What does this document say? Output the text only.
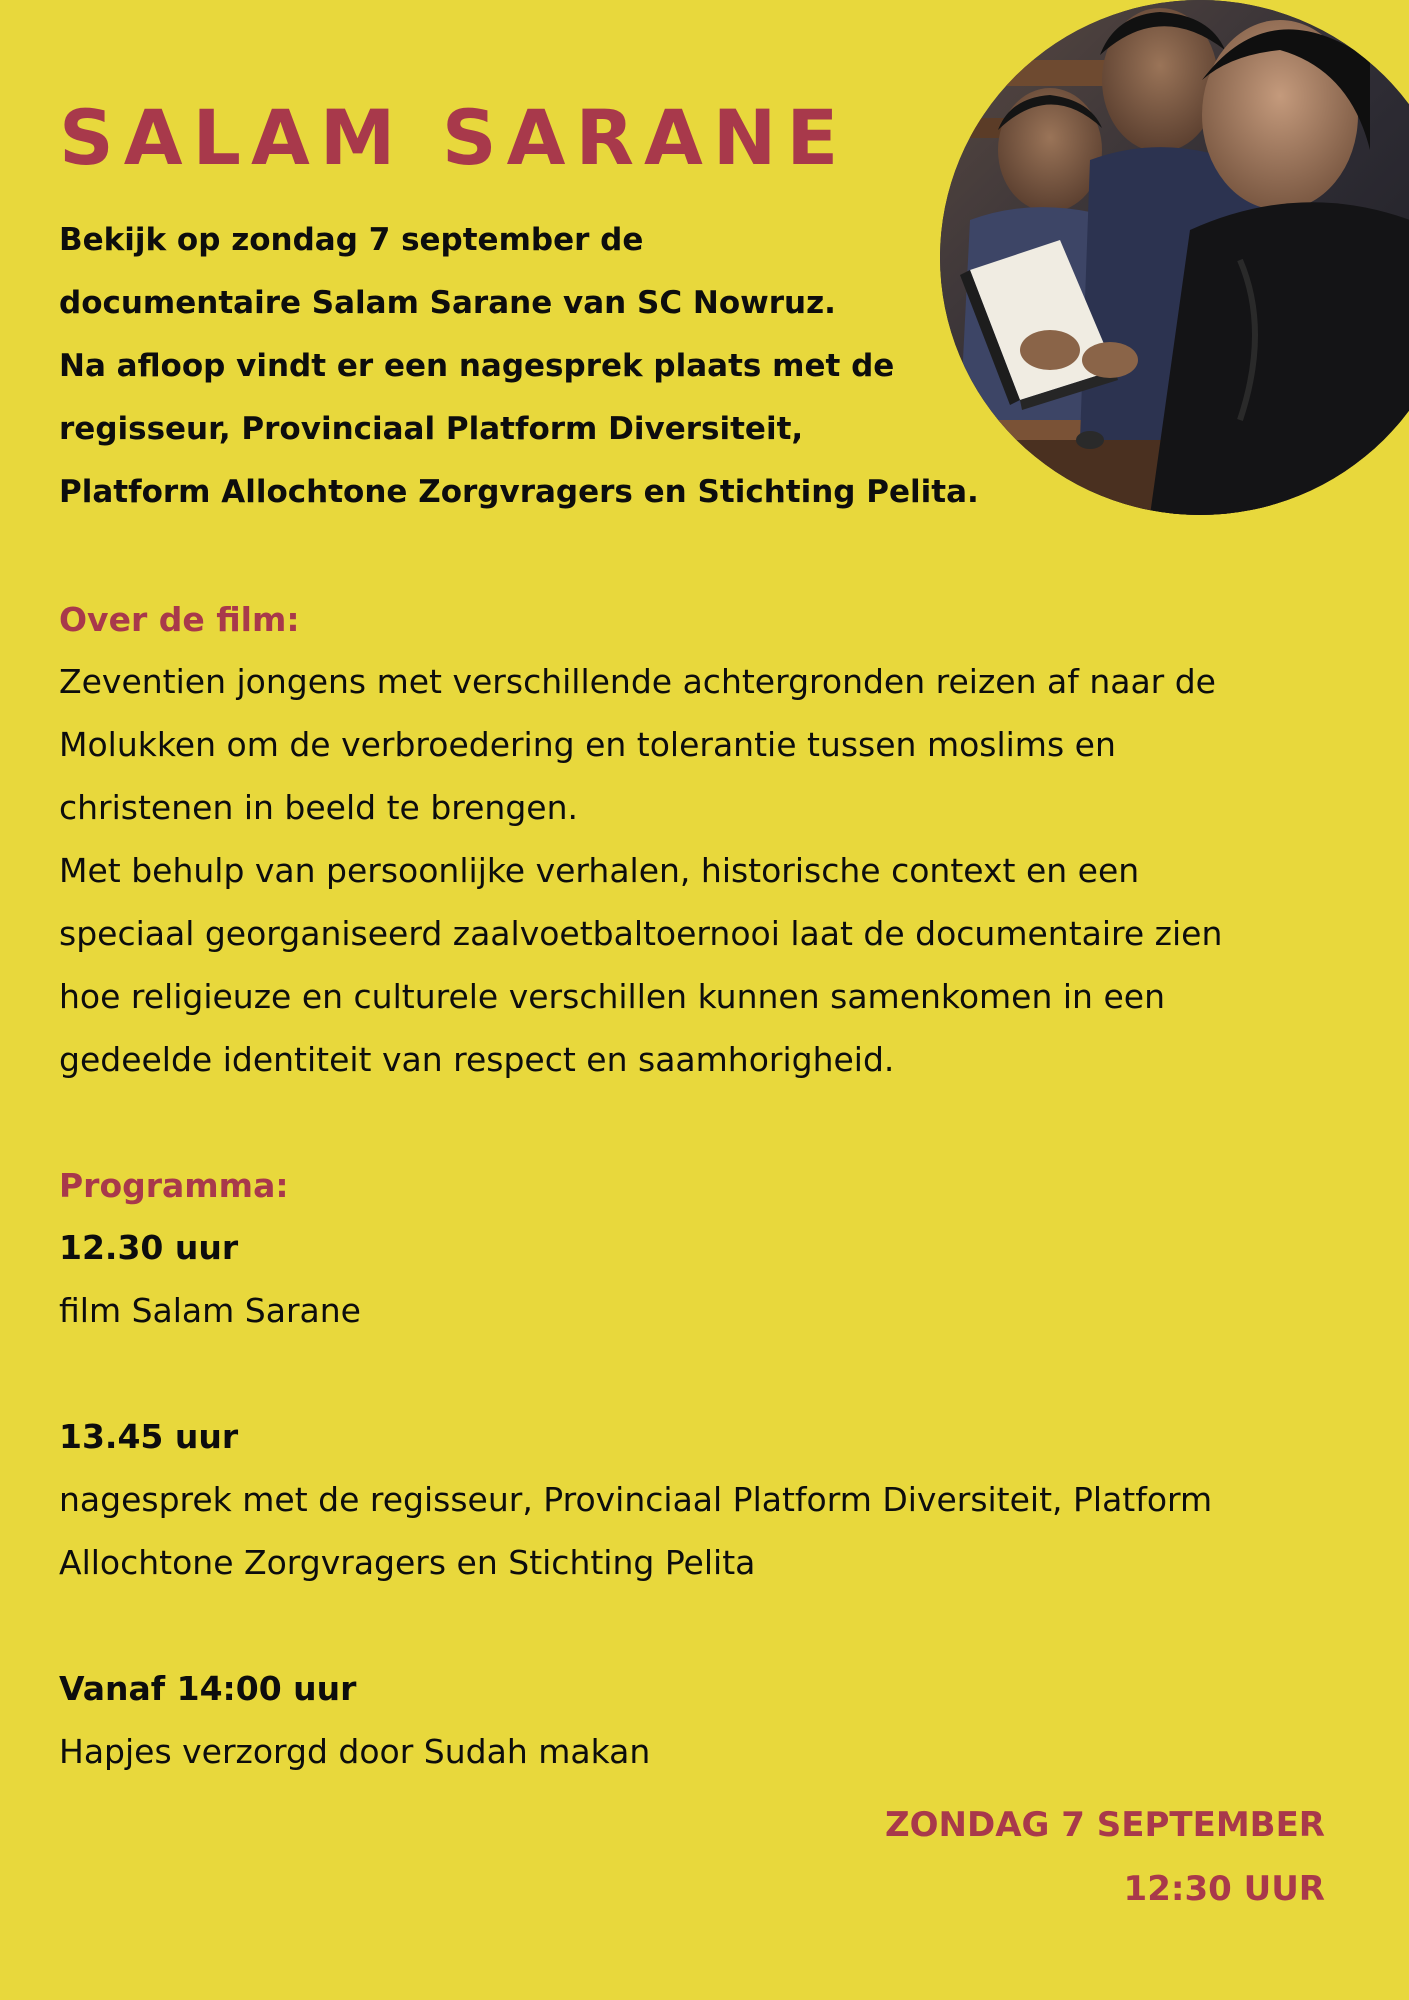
SALAM SARANE
Bekijk op zondag 7 september de
documentaire Salam Sarane van SC Nowruz.
Na afloop vindt er een nagesprek plaats met de
regisseur, Provinciaal Platform Diversiteit,
Platform Allochtone Zorgvragers en Stichting Pelita.
Over de film:
Zeventien jongens met verschillende achtergronden reizen af naar de
Molukken om de verbroedering en tolerantie tussen moslims en
christenen in beeld te brengen.
Met behulp van persoonlijke verhalen, historische context en een
speciaal georganiseerd zaalvoetbaltoernooi laat de documentaire zien
hoe religieuze en culturele verschillen kunnen samenkomen in een
gedeelde identiteit van respect en saamhorigheid.
Programma:
12.30 uur
film Salam Sarane
13.45 uur
nagesprek met de regisseur, Provinciaal Platform Diversiteit, Platform
Allochtone Zorgvragers en Stichting Pelita
Vanaf 14:00 uur
Hapjes verzorgd door Sudah makan
ZONDAG 7 SEPTEMBER
12:30 UUR
